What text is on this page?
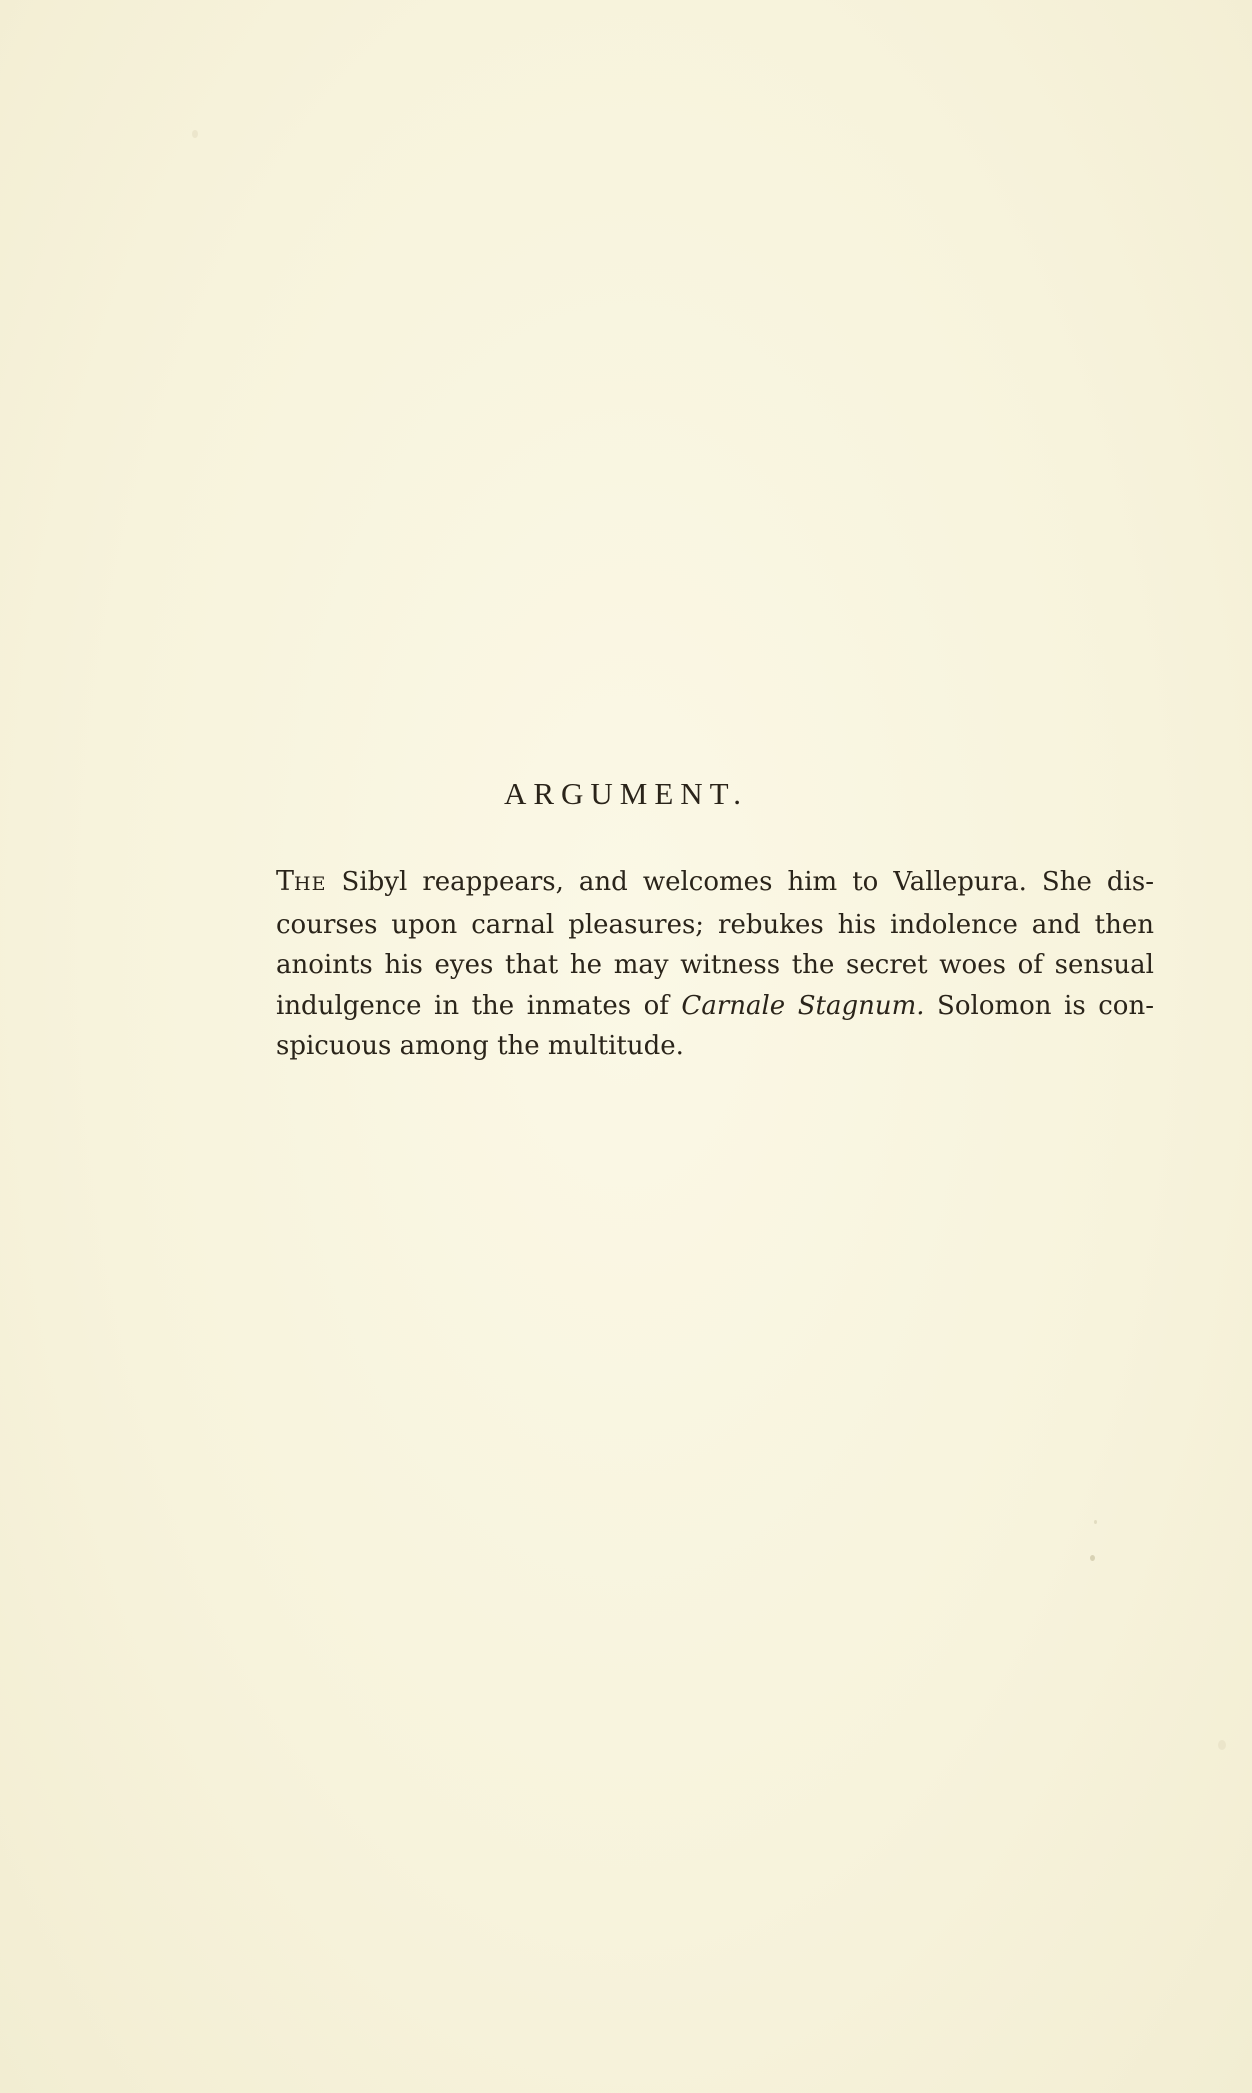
ARGUMENT.

THE Sibyl reappears, and welcomes him to Vallepura. She discourses upon carnal pleasures; rebukes his indolence and then anoints his eyes that he may witness the secret woes of sensual indulgence in the inmates of Carnale Stagnum. Solomon is conspicuous among the multitude.
